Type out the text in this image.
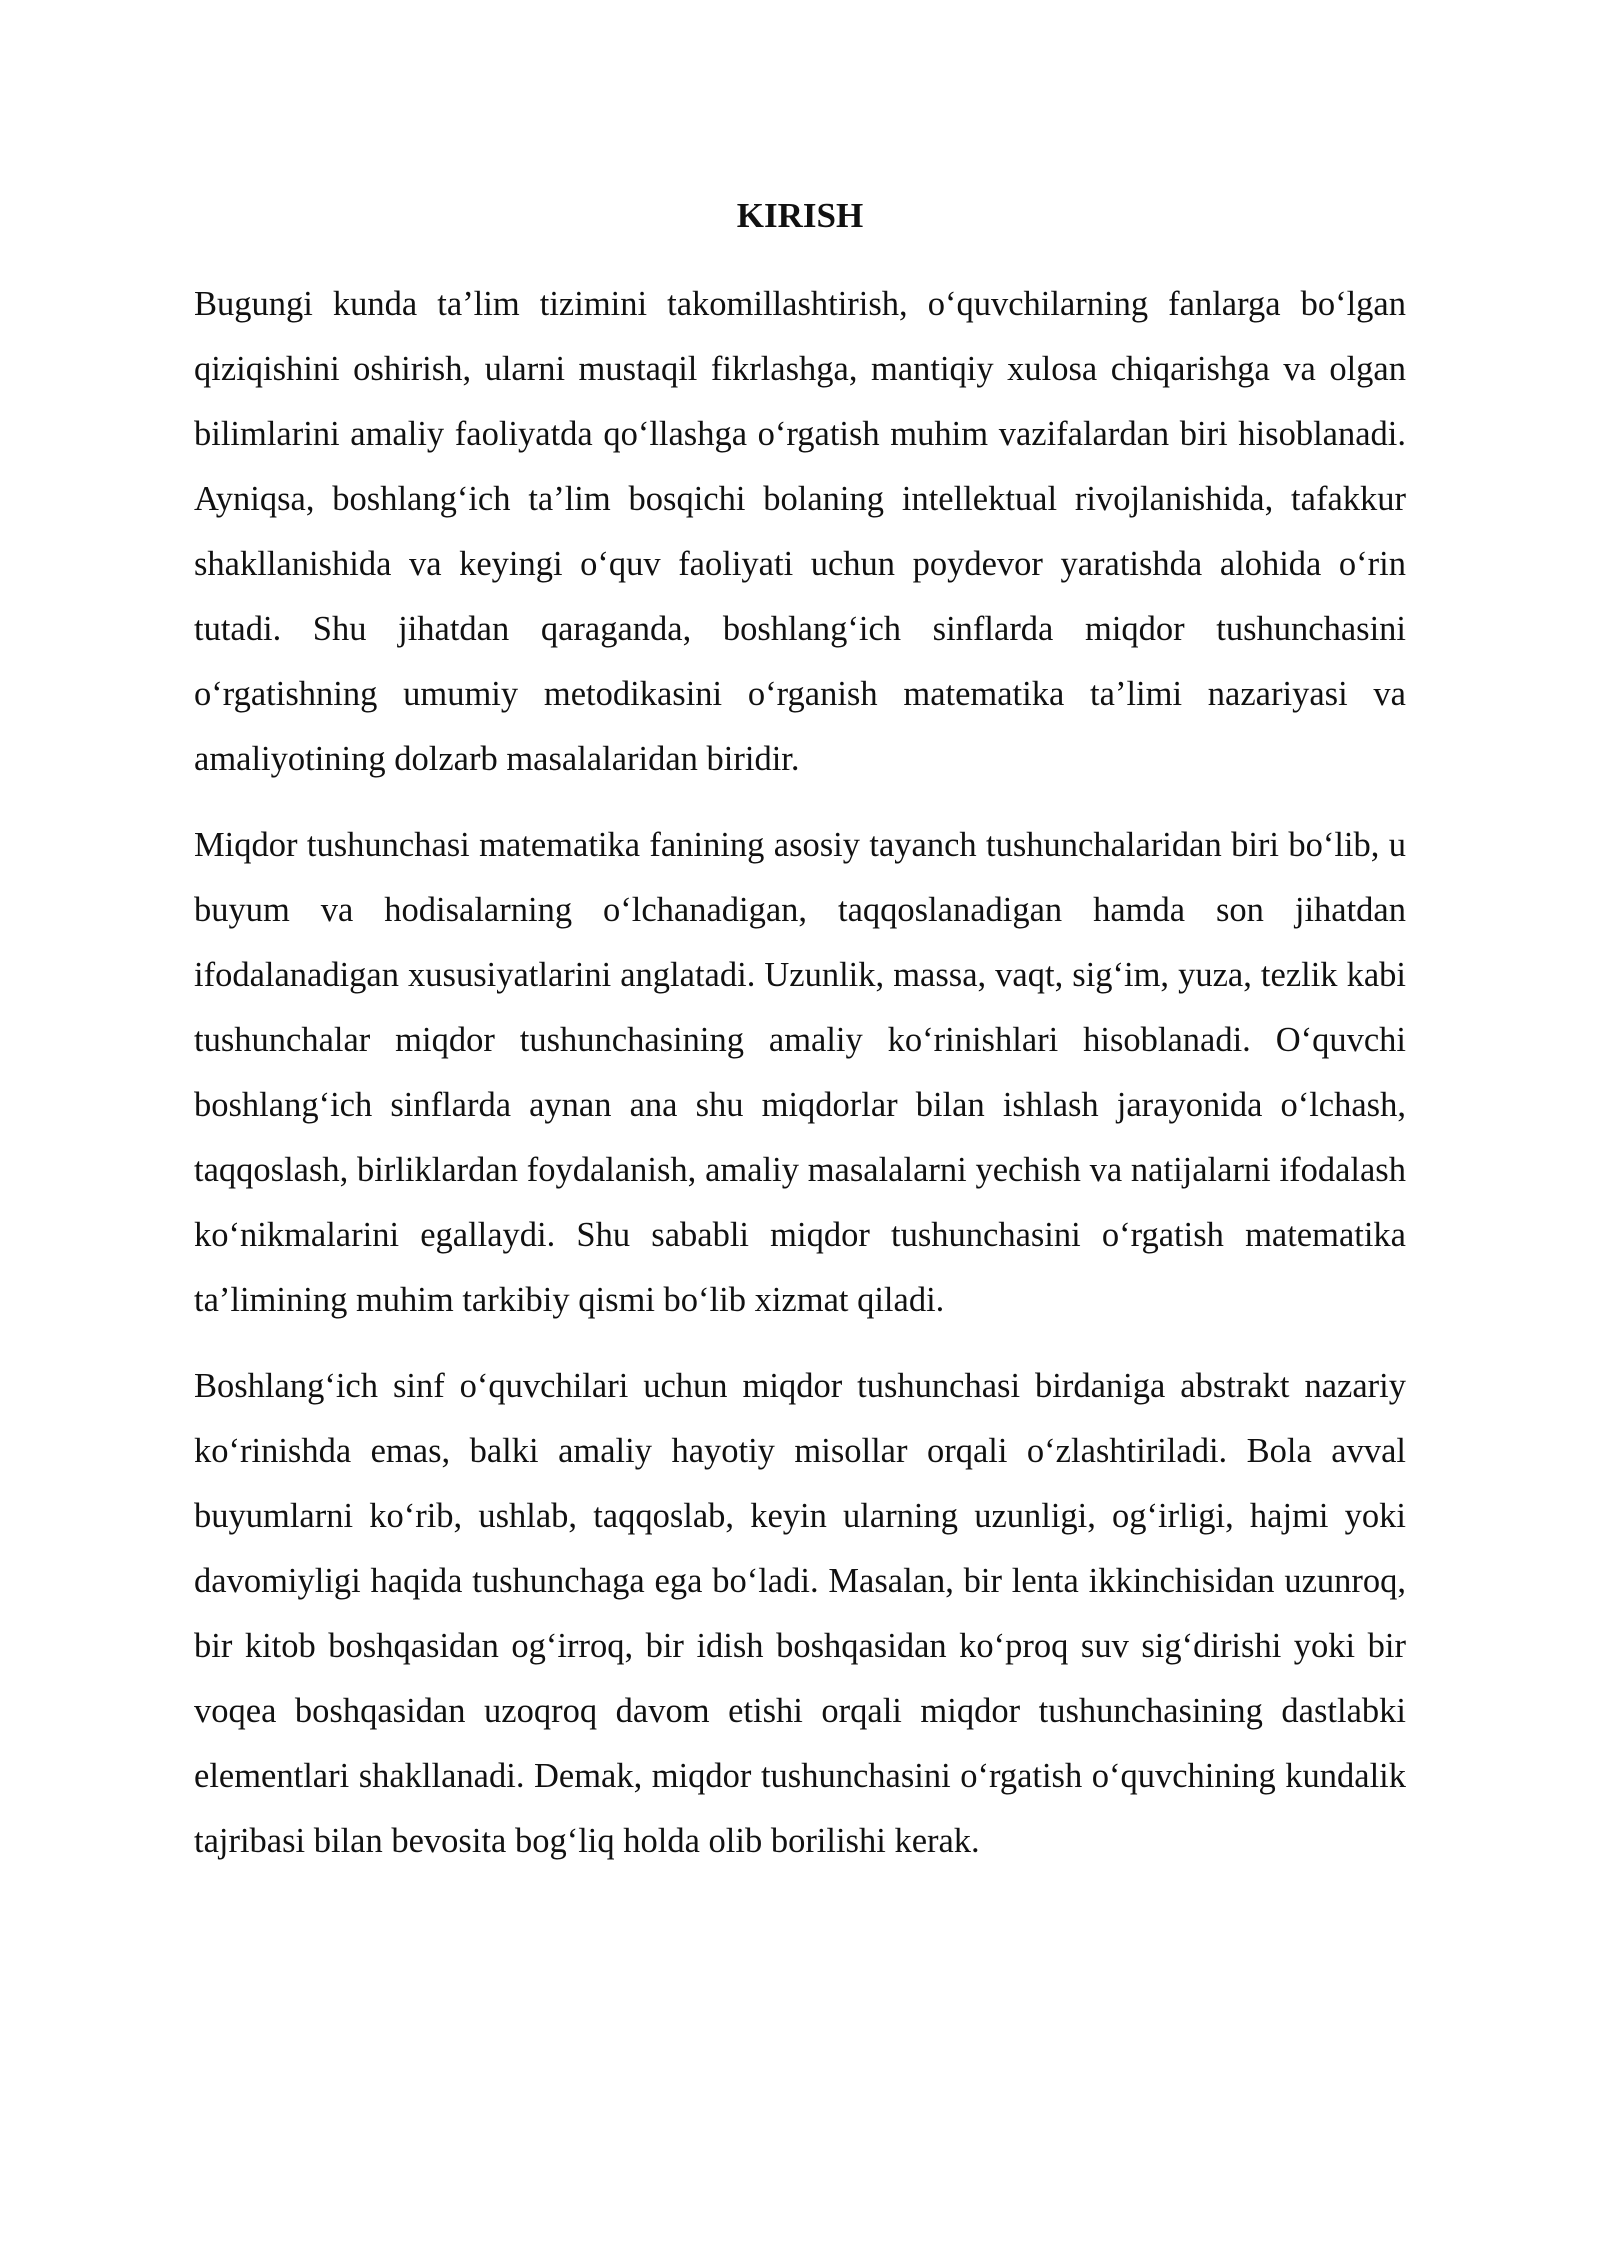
KIRISH

Bugungi kunda ta’lim tizimini takomillashtirish, o‘quvchilarning fanlarga bo‘lgan qiziqishini oshirish, ularni mustaqil fikrlashga, mantiqiy xulosa chiqarishga va olgan bilimlarini amaliy faoliyatda qo‘llashga o‘rgatish muhim vazifalardan biri hisoblanadi. Ayniqsa, boshlang‘ich ta’lim bosqichi bolaning intellektual rivojlanishida, tafakkur shakllanishida va keyingi o‘quv faoliyati uchun poydevor yaratishda alohida o‘rin tutadi. Shu jihatdan qaraganda, boshlang‘ich sinflarda miqdor tushunchasini o‘rgatishning umumiy metodikasini o‘rganish matematika ta’limi nazariyasi va amaliyotining dolzarb masalalaridan biridir.

Miqdor tushunchasi matematika fanining asosiy tayanch tushunchalaridan biri bo‘lib, u buyum va hodisalarning o‘lchanadigan, taqqoslanadigan hamda son jihatdan ifodalanadigan xususiyatlarini anglatadi. Uzunlik, massa, vaqt, sig‘im, yuza, tezlik kabi tushunchalar miqdor tushunchasining amaliy ko‘rinishlari hisoblanadi. O‘quvchi boshlang‘ich sinflarda aynan ana shu miqdorlar bilan ishlash jarayonida o‘lchash, taqqoslash, birliklardan foydalanish, amaliy masalalarni yechish va natijalarni ifodalash ko‘nikmalarini egallaydi. Shu sababli miqdor tushunchasini o‘rgatish matematika ta’limining muhim tarkibiy qismi bo‘lib xizmat qiladi.

Boshlang‘ich sinf o‘quvchilari uchun miqdor tushunchasi birdaniga abstrakt nazariy ko‘rinishda emas, balki amaliy hayotiy misollar orqali o‘zlashtiriladi. Bola avval buyumlarni ko‘rib, ushlab, taqqoslab, keyin ularning uzunligi, og‘irligi, hajmi yoki davomiyligi haqida tushunchaga ega bo‘ladi. Masalan, bir lenta ikkinchisidan uzunroq, bir kitob boshqasidan og‘irroq, bir idish boshqasidan ko‘proq suv sig‘dirishi yoki bir voqea boshqasidan uzoqroq davom etishi orqali miqdor tushunchasining dastlabki elementlari shakllanadi. Demak, miqdor tushunchasini o‘rgatish o‘quvchining kundalik tajribasi bilan bevosita bog‘liq holda olib borilishi kerak.
